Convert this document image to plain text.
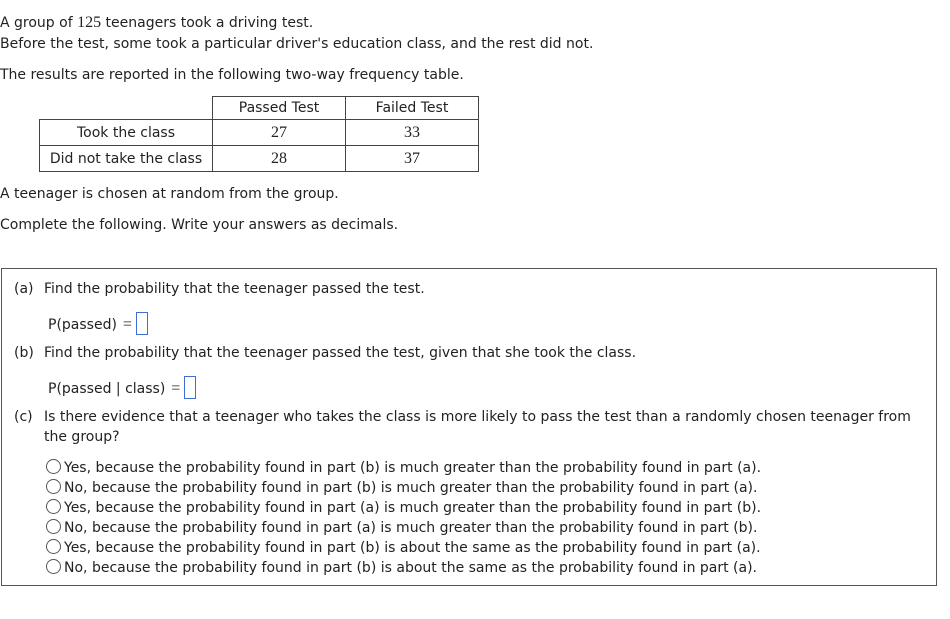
A group of 125 teenagers took a driving test.
Before the test, some took a particular driver's education class, and the rest did not.
The results are reported in the following two-way frequency table.
	Passed Test	Failed Test
Took the class	27	33
Did not take the class	28	37
A teenager is chosen at random from the group.
Complete the following. Write your answers as decimals.
(a) Find the probability that the teenager passed the test.
P(passed) =
(b) Find the probability that the teenager passed the test, given that she took the class.
P(passed | class) =
(c) Is there evidence that a teenager who takes the class is more likely to pass the test than a randomly chosen teenager from
the group?
Yes, because the probability found in part (b) is much greater than the probability found in part (a).
No, because the probability found in part (b) is much greater than the probability found in part (a).
Yes, because the probability found in part (a) is much greater than the probability found in part (b).
No, because the probability found in part (a) is much greater than the probability found in part (b).
Yes, because the probability found in part (b) is about the same as the probability found in part (a).
No, because the probability found in part (b) is about the same as the probability found in part (a).
